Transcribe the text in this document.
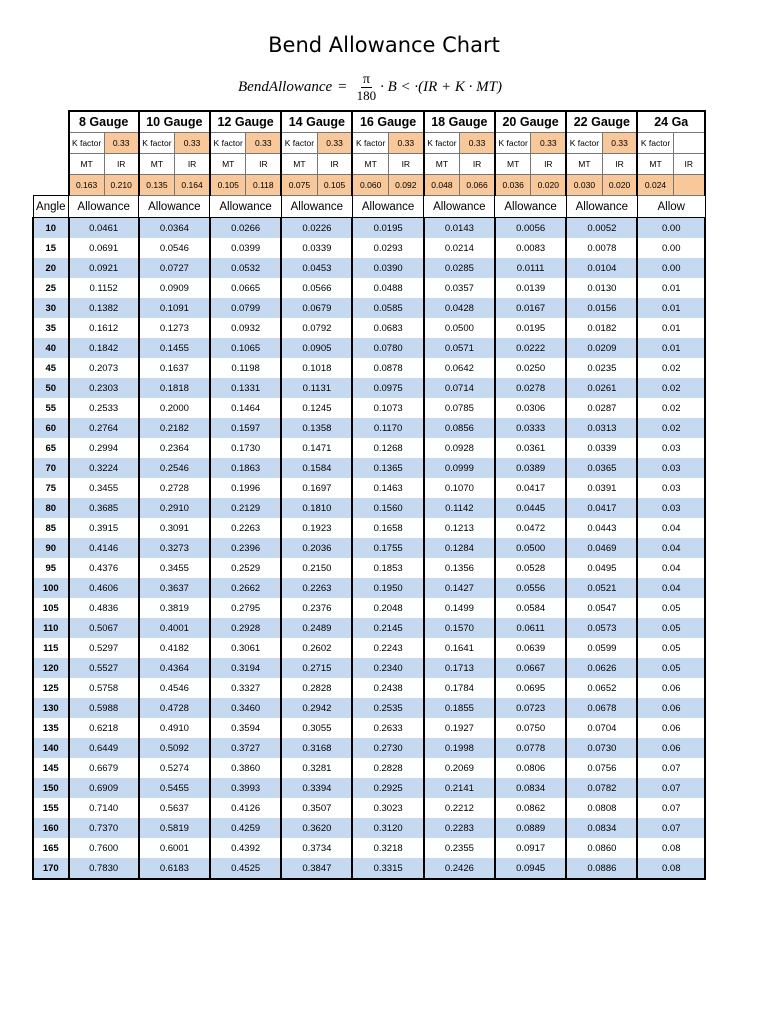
Bend Allowance Chart
BendAllowance = $\frac{\pi}{180} \cdot B < \cdot(IR + K \cdot MT)$
	8 Gauge		10 Gauge		12 Gauge		14 Gauge		16 Gauge		18 Gauge		20 Gauge		22 Gauge		24 Ga	
	K factor	0.33	K factor	0.33	K factor	0.33	K factor	0.33	K factor	0.33	K factor	0.33	K factor	0.33	K factor	0.33	K factor	
	MT	IR	MT	IR	MT	IR	MT	IR	MT	IR	MT	IR	MT	IR	MT	IR	MT	IR
	0.163	0.210	0.135	0.164	0.105	0.118	0.075	0.105	0.060	0.092	0.048	0.066	0.036	0.020	0.030	0.020	0.024	
Angle	Allowance		Allowance		Allowance		Allowance		Allowance		Allowance		Allowance		Allowance		Allow	
10	0.0461		0.0364		0.0266		0.0226		0.0195		0.0143		0.0056		0.0052		0.00	
15	0.0691		0.0546		0.0399		0.0339		0.0293		0.0214		0.0083		0.0078		0.00	
20	0.0921		0.0727		0.0532		0.0453		0.0390		0.0285		0.0111		0.0104		0.00	
25	0.1152		0.0909		0.0665		0.0566		0.0488		0.0357		0.0139		0.0130		0.01	
30	0.1382		0.1091		0.0799		0.0679		0.0585		0.0428		0.0167		0.0156		0.01	
35	0.1612		0.1273		0.0932		0.0792		0.0683		0.0500		0.0195		0.0182		0.01	
40	0.1842		0.1455		0.1065		0.0905		0.0780		0.0571		0.0222		0.0209		0.01	
45	0.2073		0.1637		0.1198		0.1018		0.0878		0.0642		0.0250		0.0235		0.02	
50	0.2303		0.1818		0.1331		0.1131		0.0975		0.0714		0.0278		0.0261		0.02	
55	0.2533		0.2000		0.1464		0.1245		0.1073		0.0785		0.0306		0.0287		0.02	
60	0.2764		0.2182		0.1597		0.1358		0.1170		0.0856		0.0333		0.0313		0.02	
65	0.2994		0.2364		0.1730		0.1471		0.1268		0.0928		0.0361		0.0339		0.03	
70	0.3224		0.2546		0.1863		0.1584		0.1365		0.0999		0.0389		0.0365		0.03	
75	0.3455		0.2728		0.1996		0.1697		0.1463		0.1070		0.0417		0.0391		0.03	
80	0.3685		0.2910		0.2129		0.1810		0.1560		0.1142		0.0445		0.0417		0.03	
85	0.3915		0.3091		0.2263		0.1923		0.1658		0.1213		0.0472		0.0443		0.04	
90	0.4146		0.3273		0.2396		0.2036		0.1755		0.1284		0.0500		0.0469		0.04	
95	0.4376		0.3455		0.2529		0.2150		0.1853		0.1356		0.0528		0.0495		0.04	
100	0.4606		0.3637		0.2662		0.2263		0.1950		0.1427		0.0556		0.0521		0.04	
105	0.4836		0.3819		0.2795		0.2376		0.2048		0.1499		0.0584		0.0547		0.05	
110	0.5067		0.4001		0.2928		0.2489		0.2145		0.1570		0.0611		0.0573		0.05	
115	0.5297		0.4182		0.3061		0.2602		0.2243		0.1641		0.0639		0.0599		0.05	
120	0.5527		0.4364		0.3194		0.2715		0.2340		0.1713		0.0667		0.0626		0.05	
125	0.5758		0.4546		0.3327		0.2828		0.2438		0.1784		0.0695		0.0652		0.06	
130	0.5988		0.4728		0.3460		0.2942		0.2535		0.1855		0.0723		0.0678		0.06	
135	0.6218		0.4910		0.3594		0.3055		0.2633		0.1927		0.0750		0.0704		0.06	
140	0.6449		0.5092		0.3727		0.3168		0.2730		0.1998		0.0778		0.0730		0.06	
145	0.6679		0.5274		0.3860		0.3281		0.2828		0.2069		0.0806		0.0756		0.07	
150	0.6909		0.5455		0.3993		0.3394		0.2925		0.2141		0.0834		0.0782		0.07	
155	0.7140		0.5637		0.4126		0.3507		0.3023		0.2212		0.0862		0.0808		0.07	
160	0.7370		0.5819		0.4259		0.3620		0.3120		0.2283		0.0889		0.0834		0.07	
165	0.7600		0.6001		0.4392		0.3734		0.3218		0.2355		0.0917		0.0860		0.08	
170	0.7830		0.6183		0.4525		0.3847		0.3315		0.2426		0.0945		0.0886		0.08	
